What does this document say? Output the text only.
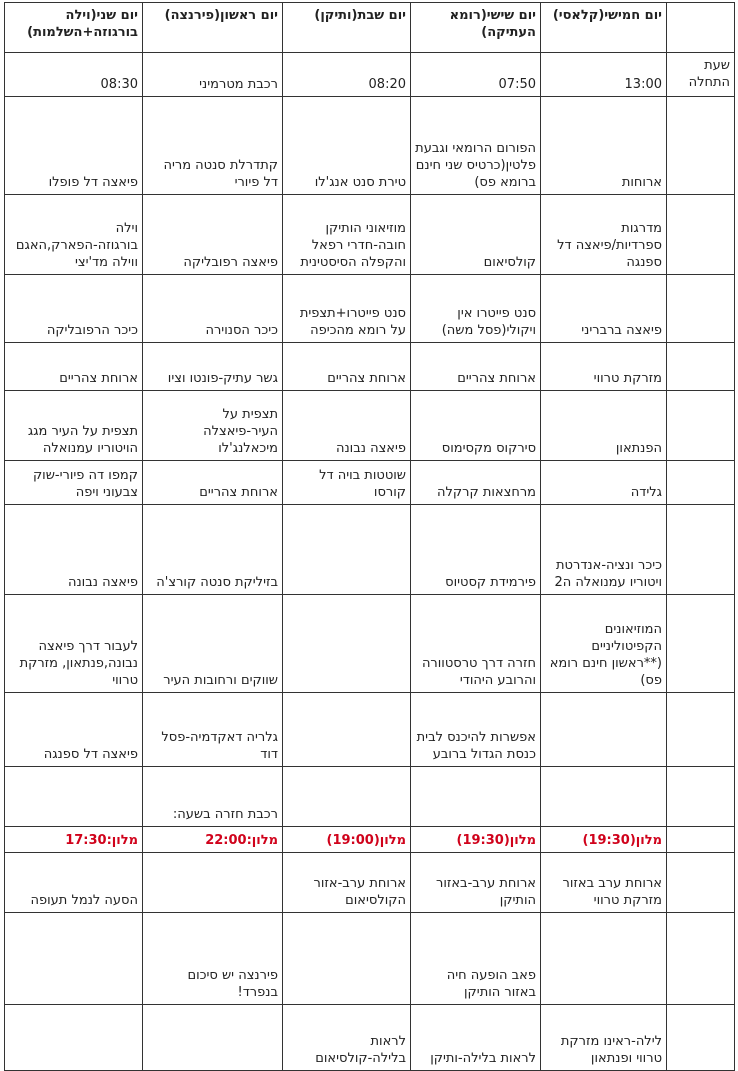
	יום חמישי(קלאסי)	יום שישי(רומא העתיקה)	יום שבת(ותיקן)	יום ראשון(פירנצה)	יום שני(וילה בורגוזה+השלמות)
שעת התחלה	13:00	07:50	08:20	רכבת מטרמיני	08:30
	ארוחות	הפורום הרומאי וגבעת פלטין(כרטיס שני חינם ברומא פס)	טירת סנט אנג'לו	קתדרלת סנטה מריה דל פיורי	פיאצה דל פופלו
	מדרגות ספרדיות/פיאצה דל ספנגה	קולסיאום	מוזיאוני הותיקן חובה-חדרי רפאל והקפלה הסיסטינית	פיאצה רפובליקה	וילה בורגוזה-הפארק,האגם ווילה מד'יצי
	פיאצה ברבריני	סנט פייטרו אין ויקולי(פסל משה)	סנט פייטרו+תצפית על רומא מהכיפה	כיכר הסנוירה	כיכר הרפובליקה
	מזרקת טרווי	ארוחת צהריים	ארוחת צהריים	גשר עתיק-פונטו וציו	ארוחת צהריים
	הפנתאון	סירקוס מקסימוס	פיאצה נבונה	תצפית על העיר-פיאצלה מיכאלנג'לו	תצפית על העיר מגג הויטוריו עמנואלה
	גלידה	מרחצאות קרקלה	שוטטות בויה דל קורסו	ארוחת צהריים	קמפו דה פיורי-שוק צבעוני ויפה
	כיכר ונציה-אנדרטת ויטוריו עמנואלה ה2	פירמידת קסטיוס		בזיליקת סנטה קורצ'ה	פיאצה נבונה
	המוזיאונים הקפיטוליניים (**ראשון חינם רומא פס)	חזרה דרך טרסטוורה והרובע היהודי		שווקים ורחובות העיר	לעבור דרך פיאצה נבונה,פנתאון, מזרקת טרווי
		אפשרות להיכנס לבית כנסת הגדול ברובע		גלריה דאקדמיה-פסל דוד	פיאצה דל ספנגה
				רכבת חזרה בשעה:	
	מלון(19:30)	מלון(19:30)	מלון(19:00)	מלון:22:00	מלון:17:30
	ארוחת ערב באזור מזרקת טרווי	ארוחת ערב-באזור הותיקן	ארוחת ערב-אזור הקולסיאום		הסעה לנמל תעופה
		פאב הופעה חיה באזור הותיקן		פירנצה יש סיכום בנפרד!	
	לילה-ראינו מזרקת טרווי ופנתאון	לראות בלילה-ותיקן	לראות בלילה-קולסיאום		
